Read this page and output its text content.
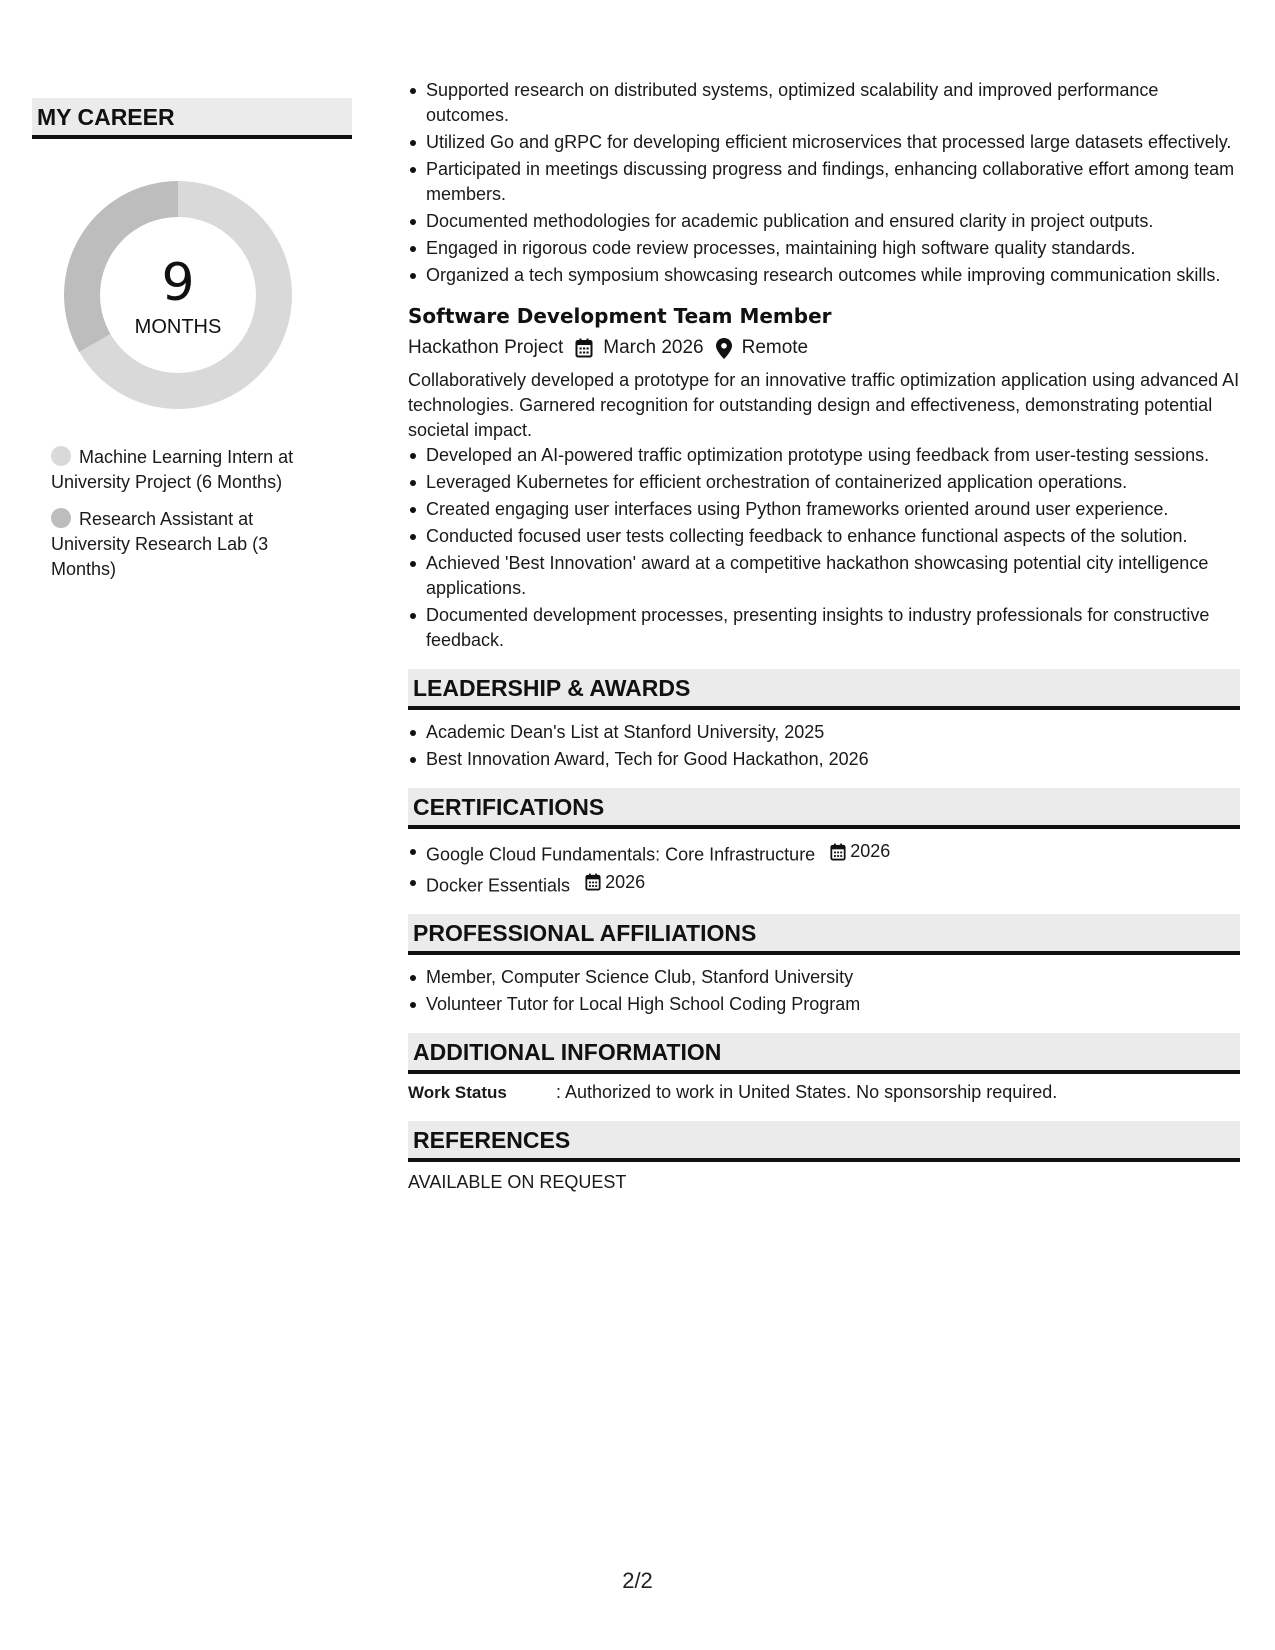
MY CAREER
9
MONTHS
Machine Learning Intern at University Project (6 Months)
Research Assistant at University Research Lab (3 Months)
Supported research on distributed systems, optimized scalability and improved performance outcomes.
Utilized Go and gRPC for developing efficient microservices that processed large datasets effectively.
Participated in meetings discussing progress and findings, enhancing collaborative effort among team members.
Documented methodologies for academic publication and ensured clarity in project outputs.
Engaged in rigorous code review processes, maintaining high software quality standards.
Organized a tech symposium showcasing research outcomes while improving communication skills.
Software Development Team Member
Hackathon Project March 2026 Remote
Collaboratively developed a prototype for an innovative traffic optimization application using advanced AI technologies. Garnered recognition for outstanding design and effectiveness, demonstrating potential societal impact.
Developed an AI-powered traffic optimization prototype using feedback from user-testing sessions.
Leveraged Kubernetes for efficient orchestration of containerized application operations.
Created engaging user interfaces using Python frameworks oriented around user experience.
Conducted focused user tests collecting feedback to enhance functional aspects of the solution.
Achieved 'Best Innovation' award at a competitive hackathon showcasing potential city intelligence applications.
Documented development processes, presenting insights to industry professionals for constructive feedback.
LEADERSHIP & AWARDS
Academic Dean's List at Stanford University, 2025
Best Innovation Award, Tech for Good Hackathon, 2026
CERTIFICATIONS
Google Cloud Fundamentals: Core Infrastructure 2026
Docker Essentials 2026
PROFESSIONAL AFFILIATIONS
Member, Computer Science Club, Stanford University
Volunteer Tutor for Local High School Coding Program
ADDITIONAL INFORMATION
Work Status	: Authorized to work in United States. No sponsorship required.
REFERENCES
AVAILABLE ON REQUEST
2/2
